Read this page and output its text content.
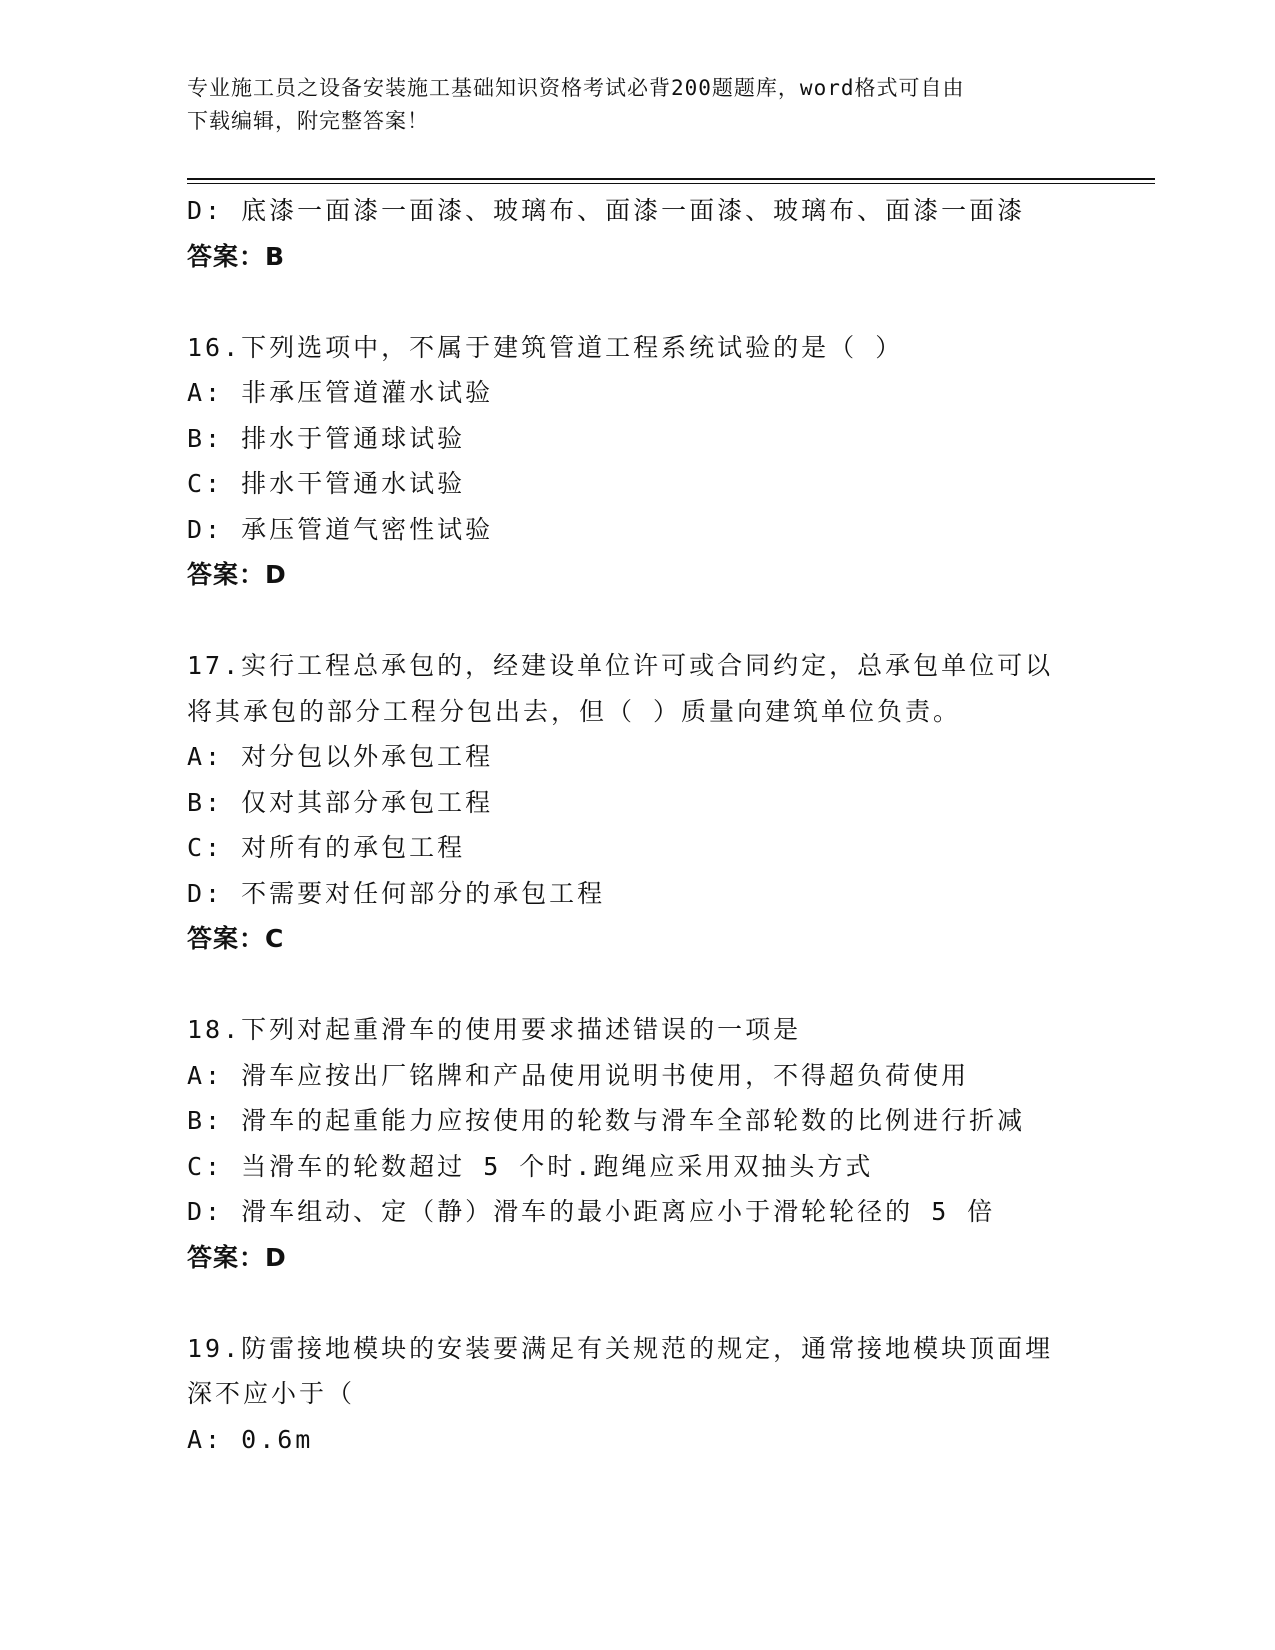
专业施工员之设备安装施工基础知识资格考试必背200题题库，word格式可自由
下载编辑，附完整答案！
D: 底漆一面漆一面漆、玻璃布、面漆一面漆、玻璃布、面漆一面漆
答案：B
16.下列选项中，不属于建筑管道工程系统试验的是（ ）
A: 非承压管道灌水试验
B: 排水于管通球试验
C: 排水干管通水试验
D: 承压管道气密性试验
答案：D
17.实行工程总承包的，经建设单位许可或合同约定，总承包单位可以
将其承包的部分工程分包出去，但（ ）质量向建筑单位负责。
A: 对分包以外承包工程
B: 仅对其部分承包工程
C: 对所有的承包工程
D: 不需要对任何部分的承包工程
答案：C
18.下列对起重滑车的使用要求描述错误的一项是
A: 滑车应按出厂铭牌和产品使用说明书使用，不得超负荷使用
B: 滑车的起重能力应按使用的轮数与滑车全部轮数的比例进行折减
C: 当滑车的轮数超过 5 个时.跑绳应采用双抽头方式
D: 滑车组动、定（静）滑车的最小距离应小于滑轮轮径的 5 倍
答案：D
19.防雷接地模块的安装要满足有关规范的规定，通常接地模块顶面埋
深不应小于（
A: 0.6m
